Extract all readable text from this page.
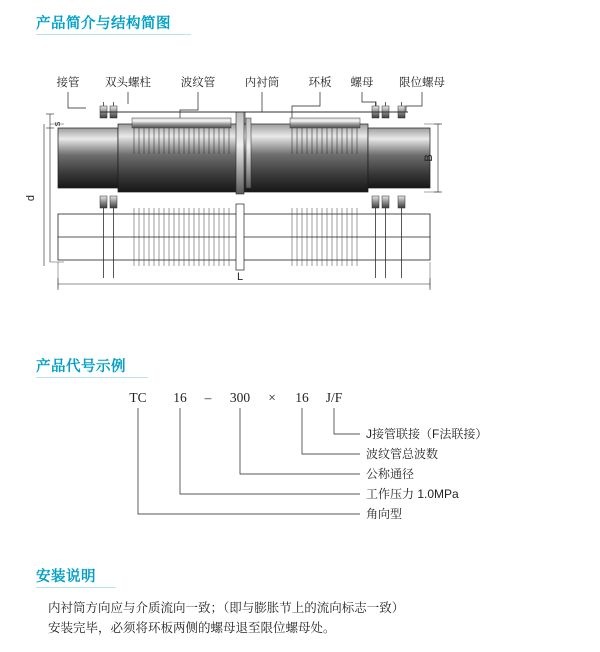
产品简介与结构简图
接管 双头螺柱	波纹管	内衬筒	环板 螺母 限位螺母
s
d
B
L
产品代号示例
TC 16 – 300 × 16 J/F
J接管联接（F法联接）
波纹管总波数
公称通径
工作压力 1.0MPa
角向型
安装说明
内衬筒方向应与介质流向一致；（即与膨胀节上的流向标志一致）
安装完毕，必须将环板两侧的螺母退至限位螺母处。
